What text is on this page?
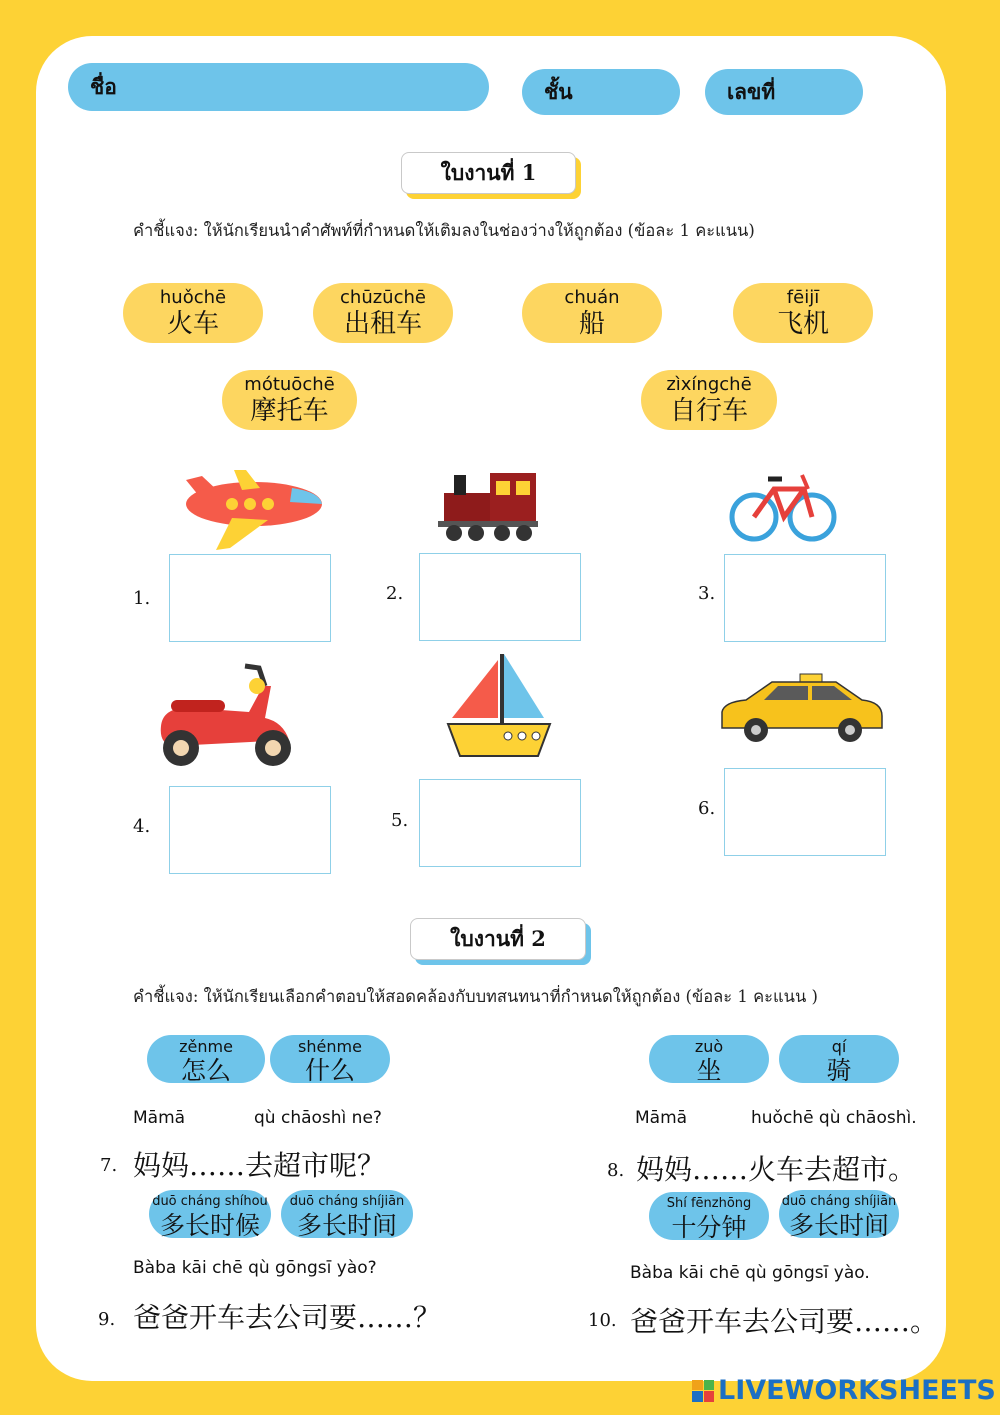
ชื่อ	ชั้น	เลขที่
ใบงานที่ 1
คำชี้แจง: ให้นักเรียนนำคำศัพท์ที่กำหนดให้เติมลงในช่องว่างให้ถูกต้อง (ข้อละ 1 คะแนน)
huǒchē
火车
chūzūchē
出租车
chuán
船
fēijī
飞机
mótuōchē
摩托车
zìxíngchē
自行车
1.	2.	3.
4.	5.
6.
ใบงานที่ 2
คำชี้แจง: ให้นักเรียนเลือกคำตอบให้สอดคล้องกับบทสนทนาที่กำหนดให้ถูกต้อง (ข้อละ 1 คะแนน )
zěnme
怎么
shénme
什么
zuò
坐
qí
骑
Māmā	qù chāoshì ne?	Māmā	huǒchē qù chāoshì.
7. 妈妈……去超市呢？	8. 妈妈……火车去超市。
duō cháng shíhou
多长时候
duō cháng shíjiān
多长时间
Shí fēnzhōng
十分钟
duō cháng shíjiān
多长时间
Bàba kāi chē qù gōngsī yào?	Bàba kāi chē qù gōngsī yào.
9. 爸爸开车去公司要……？	10. 爸爸开车去公司要……。
LIVEWORKSHEETS
